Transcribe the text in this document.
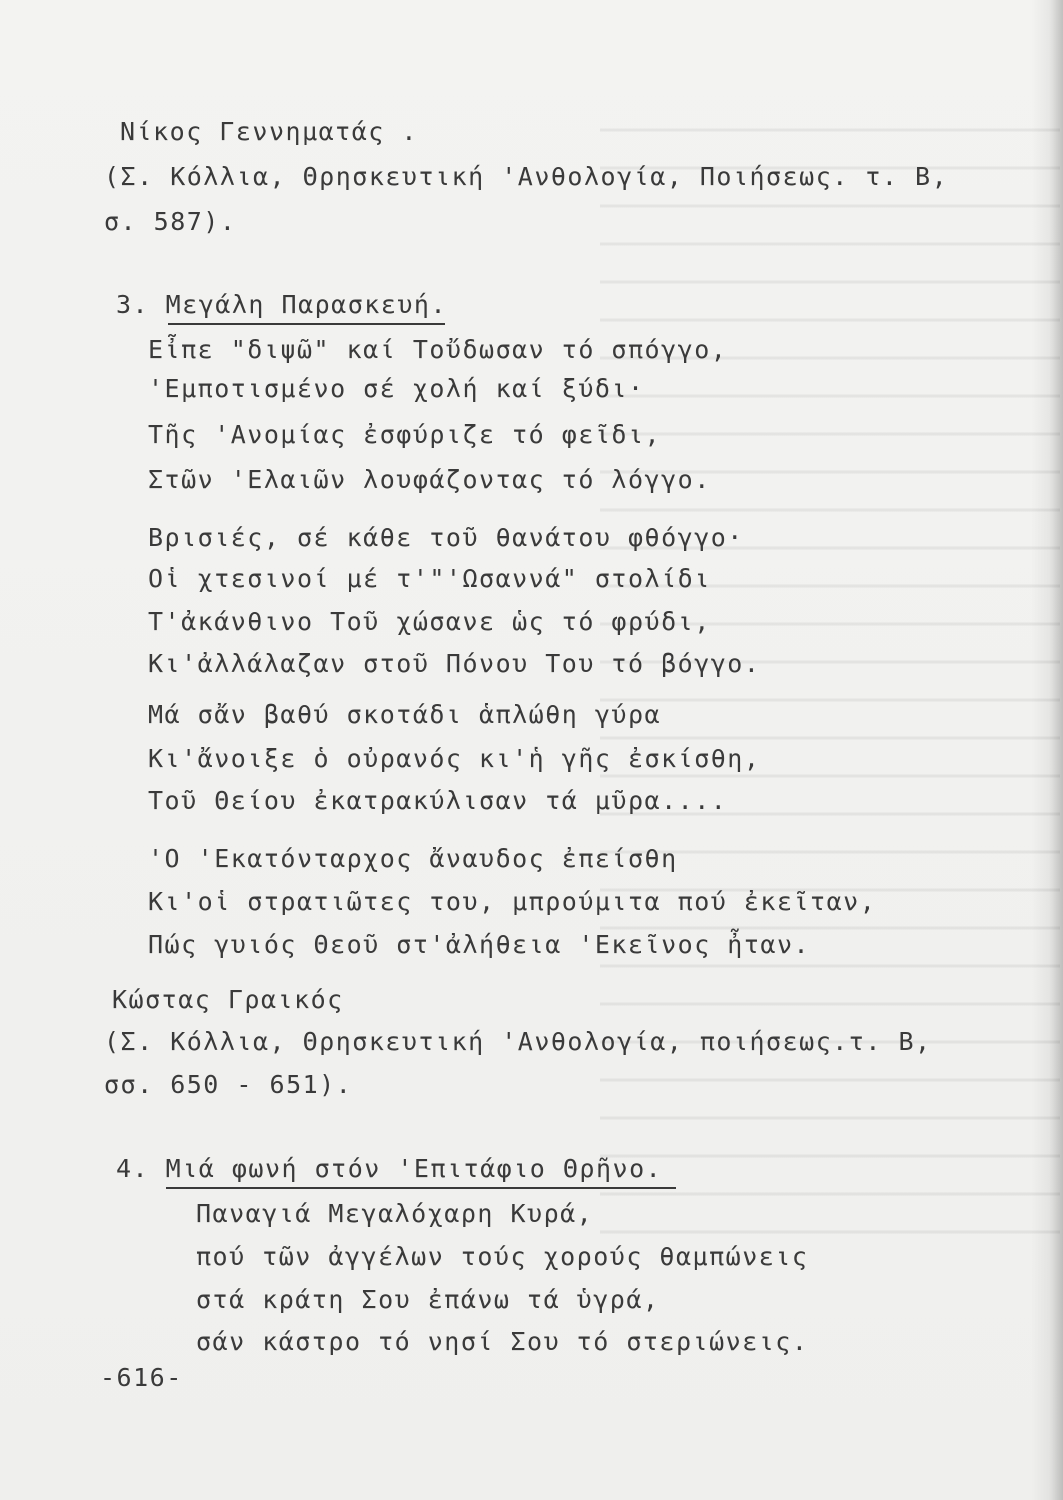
Νίκος Γεννηματάς .
(Σ. Κόλλια, Θρησκευτική 'Ανθολογία, Ποιήσεως. τ. Β,
σ. 587).
3. Μεγάλη Παρασκευή.
Εἶπε "διψῶ" καί Τοὔδωσαν τό σπόγγο,
'Εμποτισμένο σέ χολή καί ξύδι·
Τῆς 'Ανομίας ἐσφύριζε τό φεῖδι,
Στῶν 'Ελαιῶν λουφάζοντας τό λόγγο.
Βρισιές, σέ κάθε τοῦ θανάτου φθόγγο·
Οἱ χτεσινοί μέ τ'"'Ωσαννά" στολίδι
Τ'ἀκάνθινο Τοῦ χώσανε ὡς τό φρύδι,
Κι'ἀλλάλαζαν στοῦ Πόνου Του τό βόγγο.
Μά σἄν βαθύ σκοτάδι ἁπλώθη γύρα
Κι'ἄνοιξε ὁ οὐρανός κι'ἡ γῆς ἐσκίσθη,
Τοῦ Θείου ἐκατρακύλισαν τά μῦρα....
'Ο 'Εκατόνταρχος ἄναυδος ἐπείσθη
Κι'οἱ στρατιῶτες του, μπρούμιτα πού ἐκεῖταν,
Πώς γυιός Θεοῦ στ'ἀλήθεια 'Εκεῖνος ἦταν.
Κώστας Γραικός
(Σ. Κόλλια, Θρησκευτική 'Ανθολογία, ποιήσεως.τ. Β,
σσ. 650 - 651).
4. Μιά φωνή στόν 'Επιτάφιο Θρῆνο.
Παναγιά Μεγαλόχαρη Κυρά,
πού τῶν ἀγγέλων τούς χορούς θαμπώνεις
στά κράτη Σου ἐπάνω τά ὑγρά,
σάν κάστρο τό νησί Σου τό στεριώνεις.
-616-
